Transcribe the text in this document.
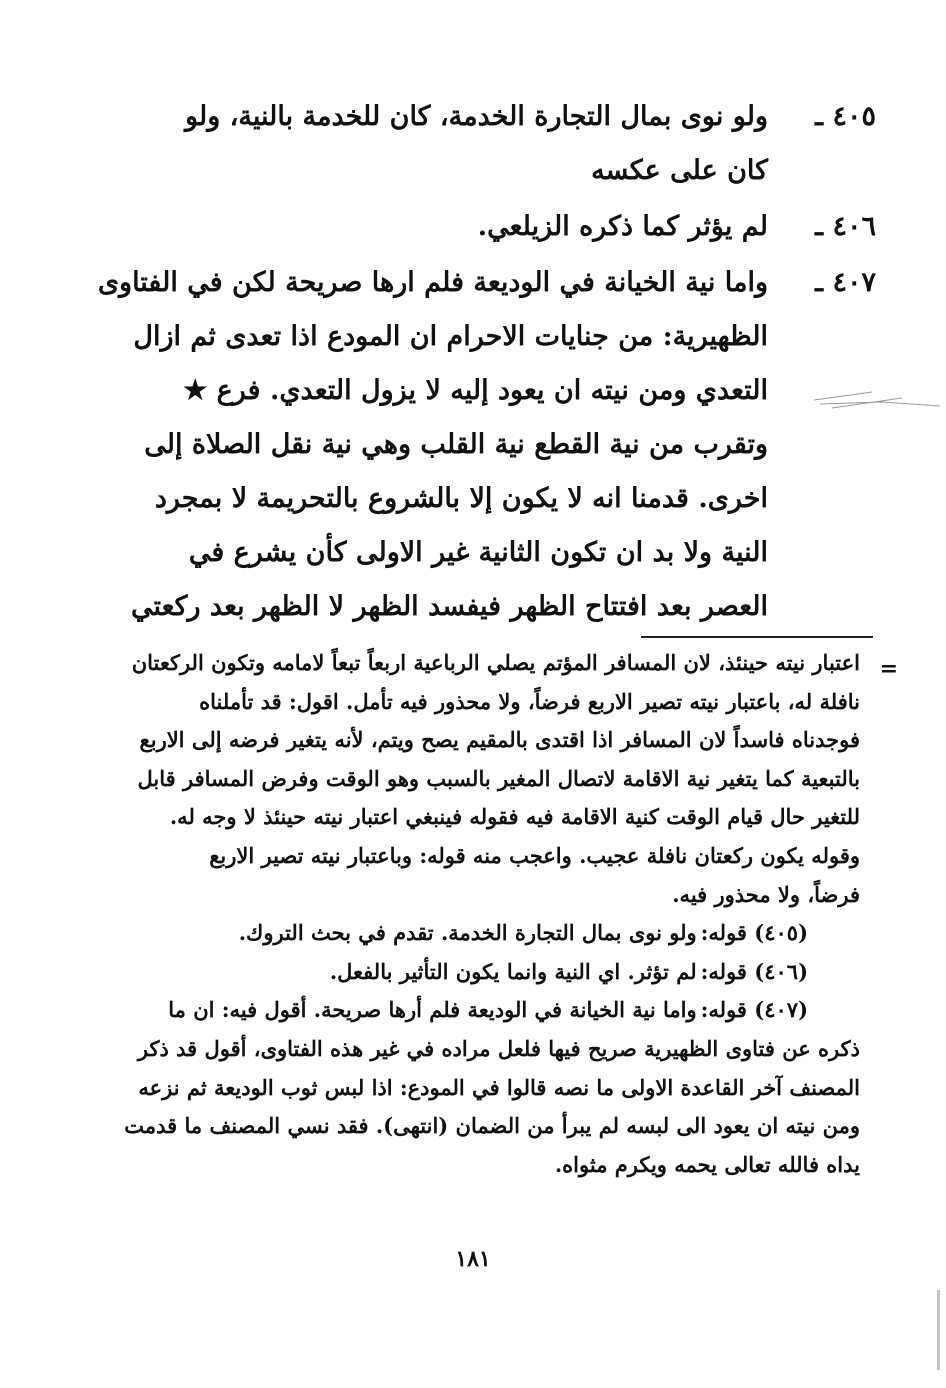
٤٠٥ ـ
ولو نوى بمال التجارة الخدمة، كان للخدمة بالنية، ولو
كان على عكسه
٤٠٦ ـ
لم يؤثر كما ذكره الزيلعي.
٤٠٧ ـ
واما نية الخيانة في الوديعة فلم ارها صريحة لكن في الفتاوى
الظهيرية: من جنايات الاحرام ان المودع اذا تعدى ثم ازال
التعدي ومن نيته ان يعود إليه لا يزول التعدي. فرع ★
وتقرب من نية القطع نية القلب وهي نية نقل الصلاة إلى
اخرى. قدمنا انه لا يكون إلا بالشروع بالتحريمة لا بمجرد
النية ولا بد ان تكون الثانية غير الاولى كأن يشرع في
العصر بعد افتتاح الظهر فيفسد الظهر لا الظهر بعد ركعتي
=
اعتبار نيته حينئذ، لان المسافر المؤتم يصلي الرباعية اربعاً تبعاً لامامه وتكون الركعتان
نافلة له، باعتبار نيته تصير الاربع فرضاً، ولا محذور فيه تأمل. اقول: قد تأملناه
فوجدناه فاسداً لان المسافر اذا اقتدى بالمقيم يصح ويتم، لأنه يتغير فرضه إلى الاربع
بالتبعية كما يتغير نية الاقامة لاتصال المغير بالسبب وهو الوقت وفرض المسافر قابل
للتغير حال قيام الوقت كنية الاقامة فيه فقوله فينبغي اعتبار نيته حينئذ لا وجه له.
وقوله يكون ركعتان نافلة عجيب. واعجب منه قوله: وباعتبار نيته تصير الاربع
فرضاً، ولا محذور فيه.
(٤٠٥) قوله:ولو نوى بمال التجارة الخدمة. تقدم في بحث التروك.
(٤٠٦) قوله:لم تؤثر. اي النية وانما يكون التأثير بالفعل.
(٤٠٧) قوله:واما نية الخيانة في الوديعة فلم أرها صريحة. أقول فيه: ان ما
ذكره عن فتاوى الظهيرية صريح فيها فلعل مراده في غير هذه الفتاوى، أقول قد ذكر
المصنف آخر القاعدة الاولى ما نصه قالوا في المودع: اذا لبس ثوب الوديعة ثم نزعه
ومن نيته ان يعود الى لبسه لم يبرأ من الضمان (انتهى). فقد نسي المصنف ما قدمت
يداه فالله تعالى يحمه ويكرم مثواه.
١٨١
